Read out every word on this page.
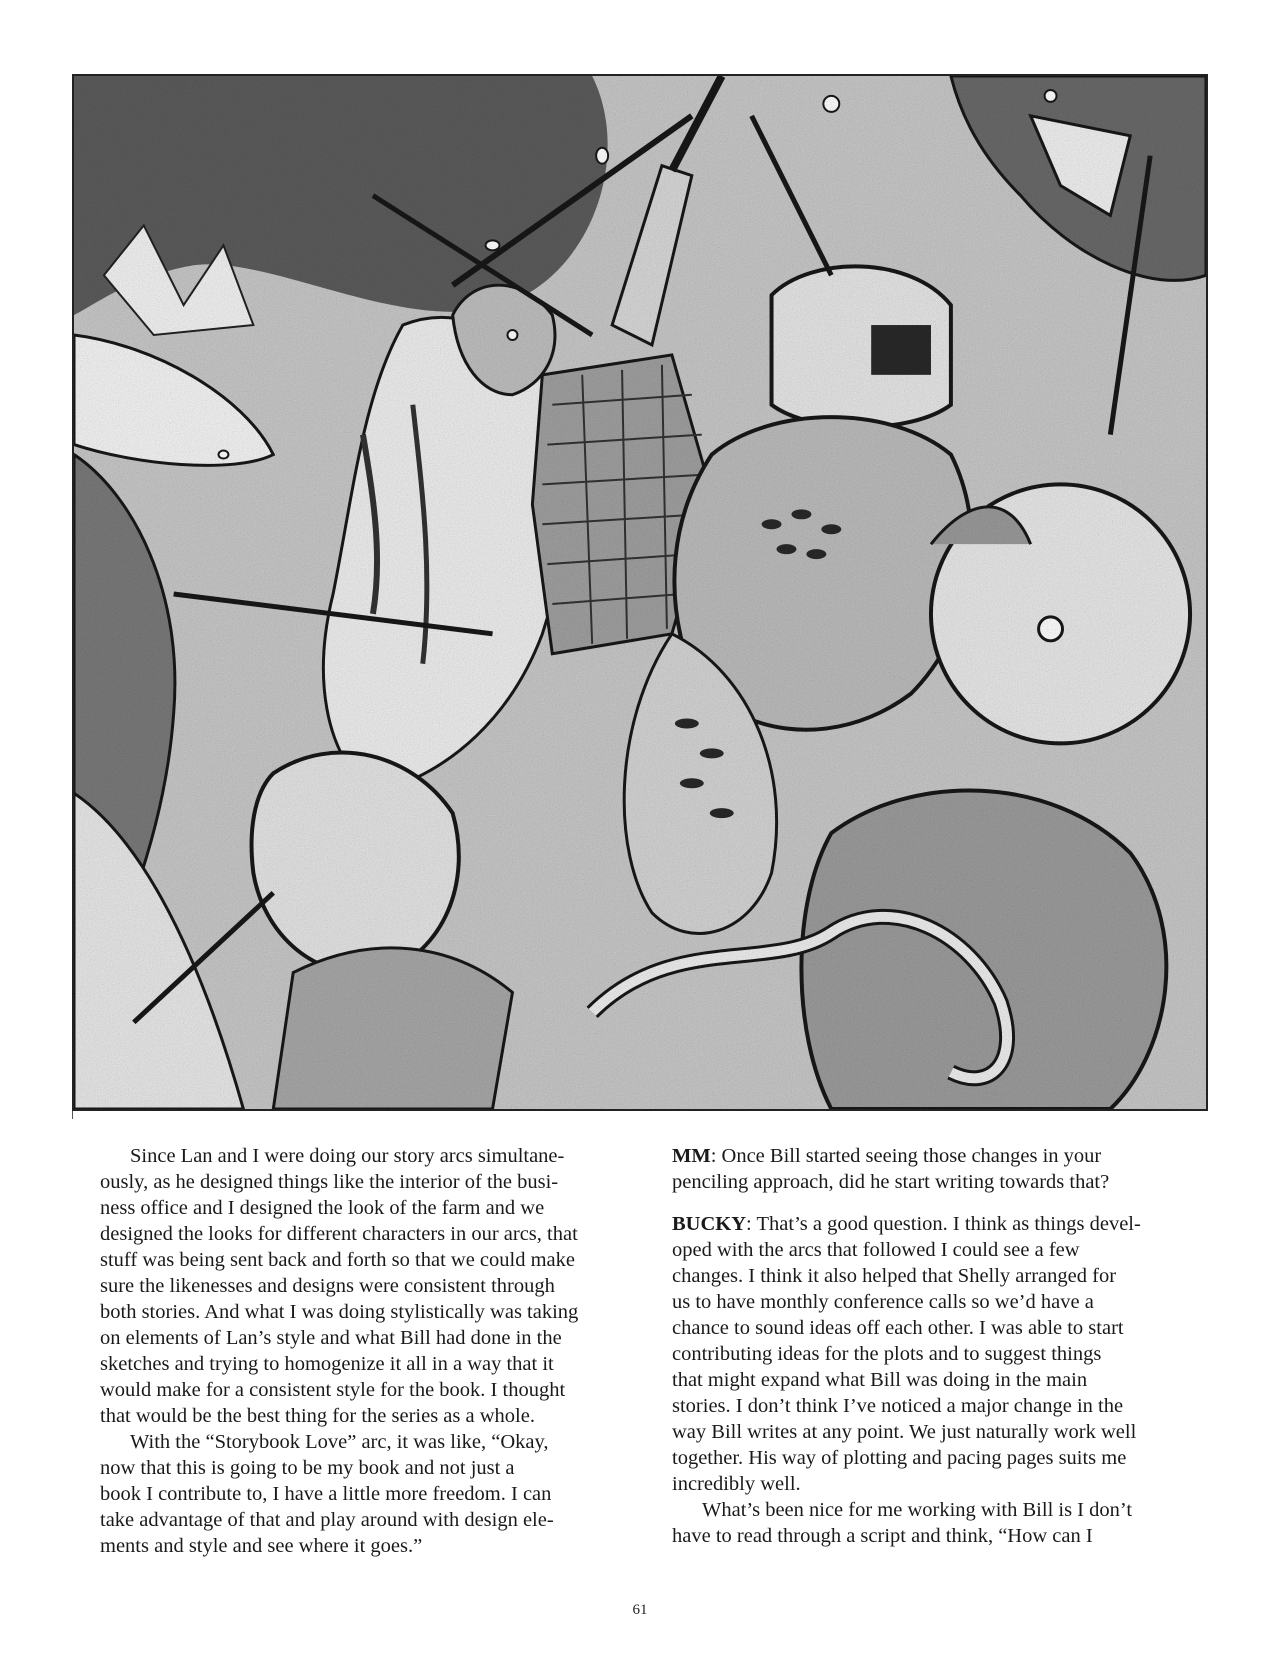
Since Lan and I were doing our story arcs simultane-
ously, as he designed things like the interior of the busi-
ness office and I designed the look of the farm and we
designed the looks for different characters in our arcs, that
stuff was being sent back and forth so that we could make
sure the likenesses and designs were consistent through
both stories. And what I was doing stylistically was taking
on elements of Lan’s style and what Bill had done in the
sketches and trying to homogenize it all in a way that it
would make for a consistent style for the book. I thought
that would be the best thing for the series as a whole.

With the “Storybook Love” arc, it was like, “Okay,
now that this is going to be my book and not just a
book I contribute to, I have a little more freedom. I can
take advantage of that and play around with design ele-
ments and style and see where it goes.”

MM: Once Bill started seeing those changes in your
penciling approach, did he start writing towards that?

BUCKY: That’s a good question. I think as things devel-
oped with the arcs that followed I could see a few
changes. I think it also helped that Shelly arranged for
us to have monthly conference calls so we’d have a
chance to sound ideas off each other. I was able to start
contributing ideas for the plots and to suggest things
that might expand what Bill was doing in the main
stories. I don’t think I’ve noticed a major change in the
way Bill writes at any point. We just naturally work well
together. His way of plotting and pacing pages suits me
incredibly well.

What’s been nice for me working with Bill is I don’t
have to read through a script and think, “How can I

61
